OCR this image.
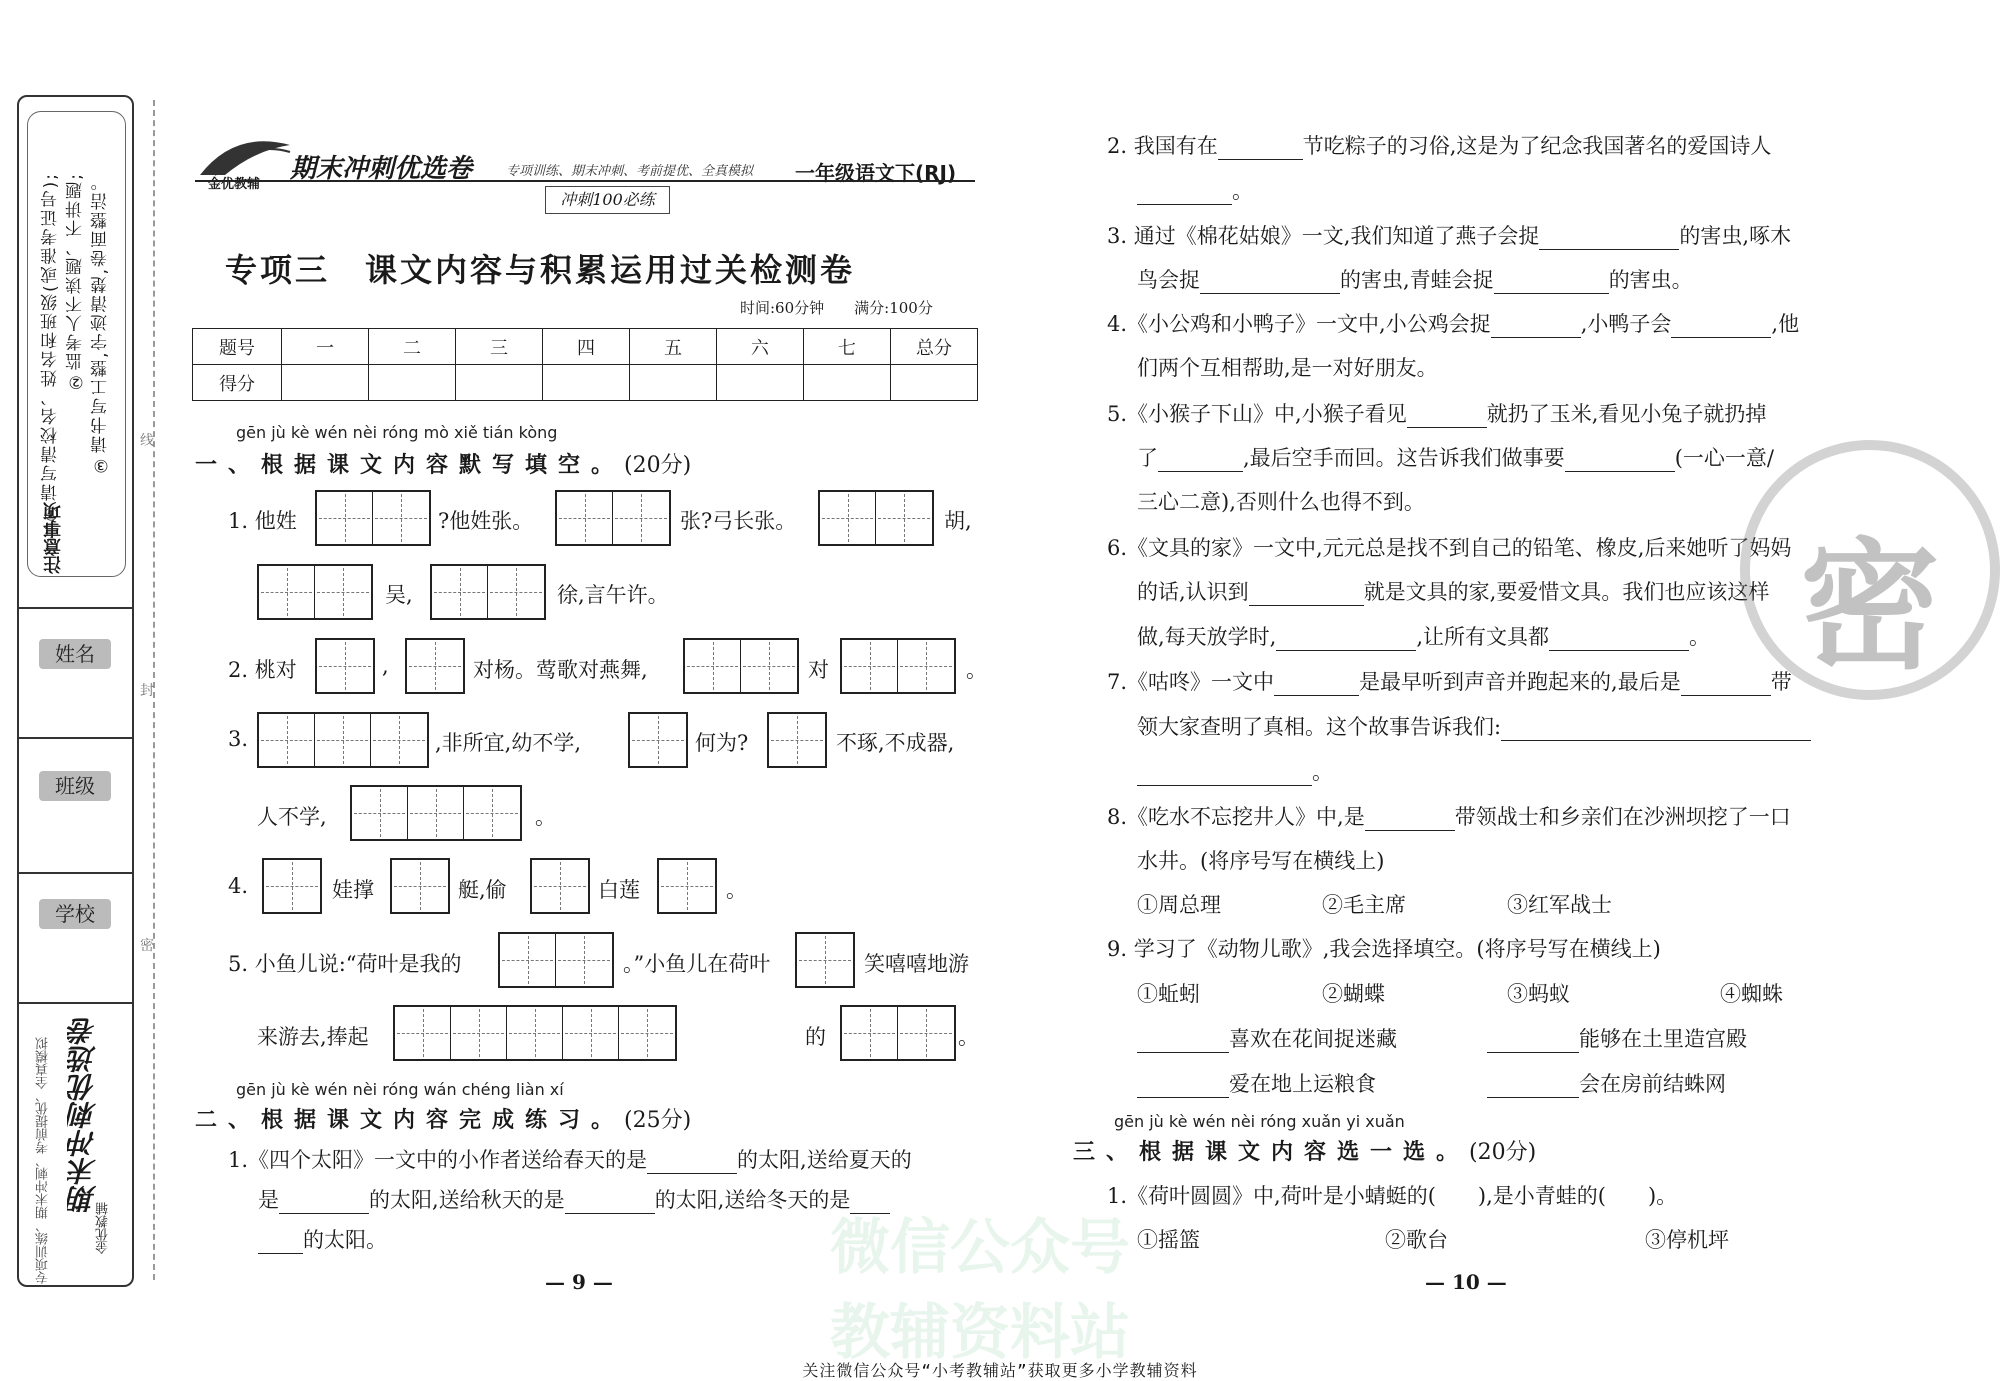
①请写清校名、姓名和班级(或准考证号); ②监考人不读题、不讲题; ③请书写工整,字迹清楚,卷面整洁。
注意事项
姓名
班级
学校
期末冲刺优选卷
专项训练、期末冲刺、考前提优、全真模拟	金优教辅
线
封
密
金优教辅
期末冲刺优选卷	专项训练、期末冲刺、考前提优、全真模拟 一年级语文下(RJ)
冲刺100必练
专项三　课文内容与积累运用过关检测卷
时间:60分钟　　满分:100分
题号	一	二	三	四	五	六	七	总分
得分								
gēn jù kè wén nèi róng mò xiě tián kòng
一、根据课文内容默写填空。(20分)
1. 他姓	?他姓张。	张?弓长张。	胡,
吴,	徐,言午许。
2. 桃对	,	对杨。莺歌对燕舞,	对	。
3.	,非所宜,幼不学,	何为?	不琢,不成器,
人不学,	。
4.	娃撑	艇,偷	白莲	。
5. 小鱼儿说:“荷叶是我的	。”小鱼儿在荷叶	笑嘻嘻地游
来游去,捧起	的	。
gēn jù kè wén nèi róng wán chéng liàn xí
二、根据课文内容完成练习。(25分)
1.《四个太阳》一文中的小作者送给春天的是	的太阳,送给夏天的
是	的太阳,送给秋天的是	的太阳,送给冬天的是
的太阳。
— 9 —
2. 我国有在	节吃粽子的习俗,这是为了纪念我国著名的爱国诗人
。
3. 通过《棉花姑娘》一文,我们知道了燕子会捉	的害虫,啄木
鸟会捉	的害虫,青蛙会捉	的害虫。
4.《小公鸡和小鸭子》一文中,小公鸡会捉	,小鸭子会	,他
们两个互相帮助,是一对好朋友。
5.《小猴子下山》中,小猴子看见	就扔了玉米,看见小兔子就扔掉
了	,最后空手而回。这告诉我们做事要	(一心一意/
三心二意),否则什么也得不到。
6.《文具的家》一文中,元元总是找不到自己的铅笔、橡皮,后来她听了妈妈
的话,认识到	就是文具的家,要爱惜文具。我们也应该这样
做,每天放学时,	,让所有文具都	。
7.《咕咚》一文中	是最早听到声音并跑起来的,最后是	带
领大家查明了真相。这个故事告诉我们:
。
8.《吃水不忘挖井人》中,是	带领战士和乡亲们在沙洲坝挖了一口
水井。(将序号写在横线上)
①周总理	②毛主席	③红军战士
9. 学习了《动物儿歌》,我会选择填空。(将序号写在横线上)
①蚯蚓	②蝴蝶	③蚂蚁	④蜘蛛
喜欢在花间捉迷藏	能够在土里造宫殿
爱在地上运粮食	会在房前结蛛网
gēn jù kè wén nèi róng xuǎn yi xuǎn
三、根据课文内容选一选。(20分)
1.《荷叶圆圆》中,荷叶是小蜻蜓的(　　),是小青蛙的(　　)。
①摇篮	②歌台	③停机坪
— 10 —
微信公众号
教辅资料站
密
关注微信公众号“小考教辅站”获取更多小学教辅资料
